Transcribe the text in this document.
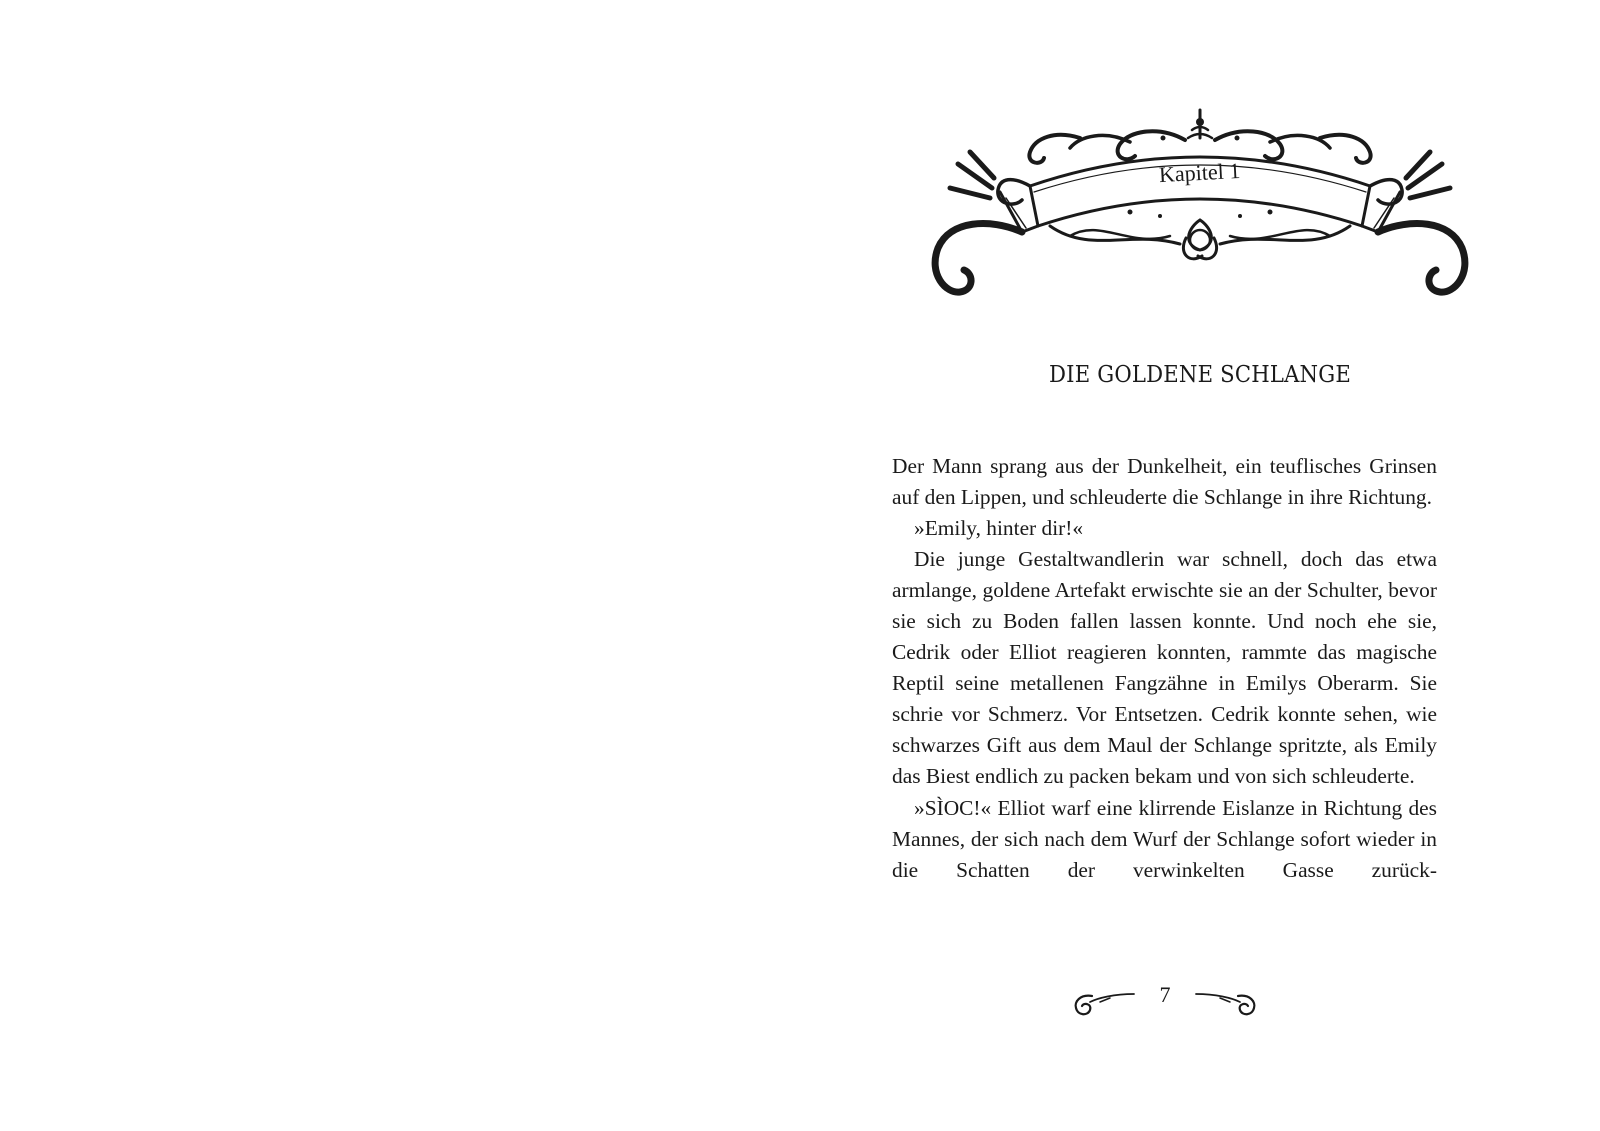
Kapitel 1
DIE GOLDENE SCHLANGE

Der Mann sprang aus der Dunkelheit, ein teuflisches Grinsen auf den Lippen, und schleuderte die Schlange in ihre Richtung.

»Emily, hinter dir!«

Die junge Gestaltwandlerin war schnell, doch das etwa armlange, goldene Artefakt erwischte sie an der Schulter, bevor sie sich zu Boden fallen lassen konnte. Und noch ehe sie, Cedrik oder Elliot reagieren konnten, rammte das magische Reptil seine metallenen Fangzähne in Emilys Oberarm. Sie schrie vor Schmerz. Vor Entsetzen. Cedrik konnte sehen, wie schwarzes Gift aus dem Maul der Schlange spritzte, als Emily das Biest endlich zu packen bekam und von sich schleuderte.

»SÌOC!« Elliot warf eine klirrende Eislanze in Richtung des Mannes, der sich nach dem Wurf der Schlange sofort wieder in die Schatten der verwinkelten Gasse zurück-

7
